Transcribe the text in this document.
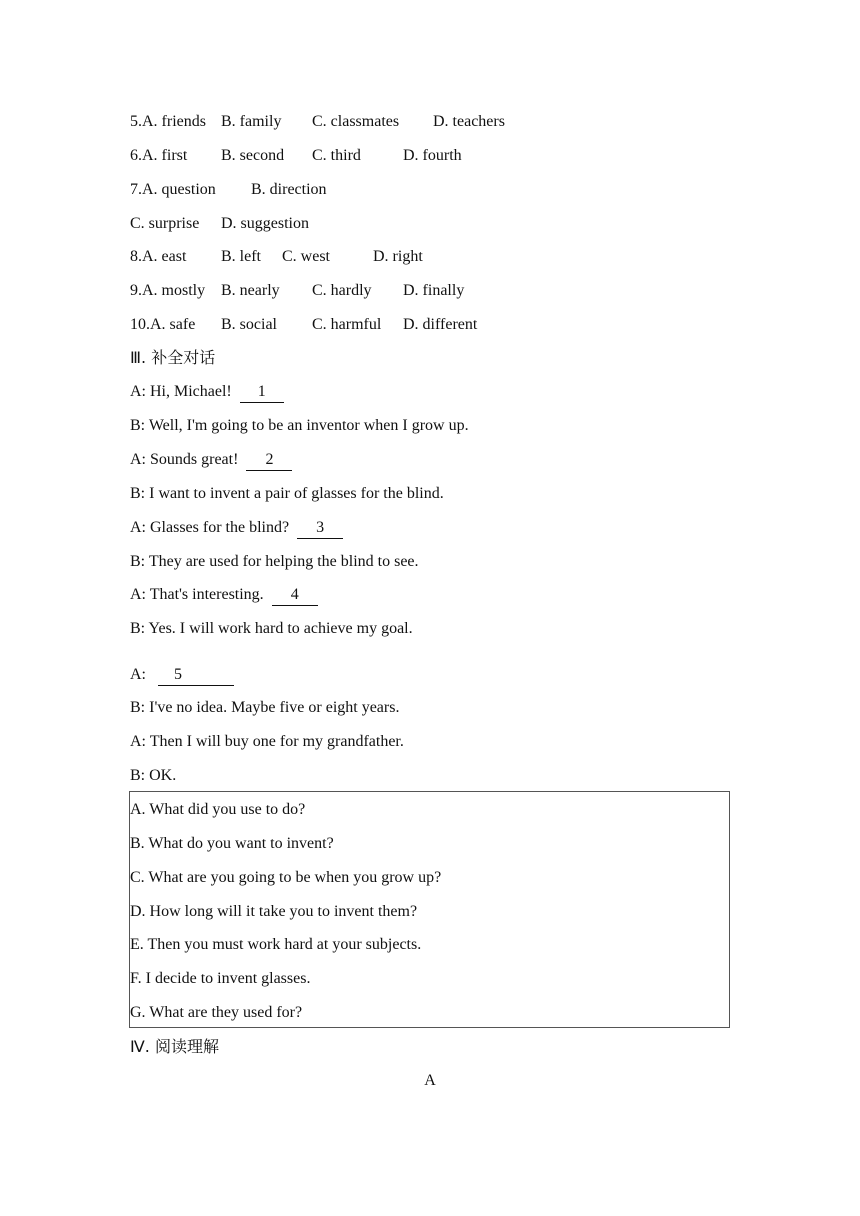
5.A. friends B. family C. classmates D. teachers
6.A. first B. second C. third	D. fourth
7.A. question B. direction
C. surprise D. suggestion
8.A. east B. left C. west	D. right
9.A. mostly B. nearly C. hardly D. finally
10.A. safe B. social C. harmful D. different
Ⅲ. 补全对话
A: Hi, Michael! 1
B: Well, I'm going to be an inventor when I grow up.
A: Sounds great! 2
B: I want to invent a pair of glasses for the blind.
A: Glasses for the blind? 3
B: They are used for helping the blind to see.
A: That's interesting. 4
B: Yes. I will work hard to achieve my goal.
A: 5
B: I've no idea. Maybe five or eight years.
A: Then I will buy one for my grandfather.
B: OK.
A. What did you use to do?
B. What do you want to invent?
C. What are you going to be when you grow up?
D. How long will it take you to invent them?
E. Then you must work hard at your subjects.
F. I decide to invent glasses.
G. What are they used for?
Ⅳ. 阅读理解
A
